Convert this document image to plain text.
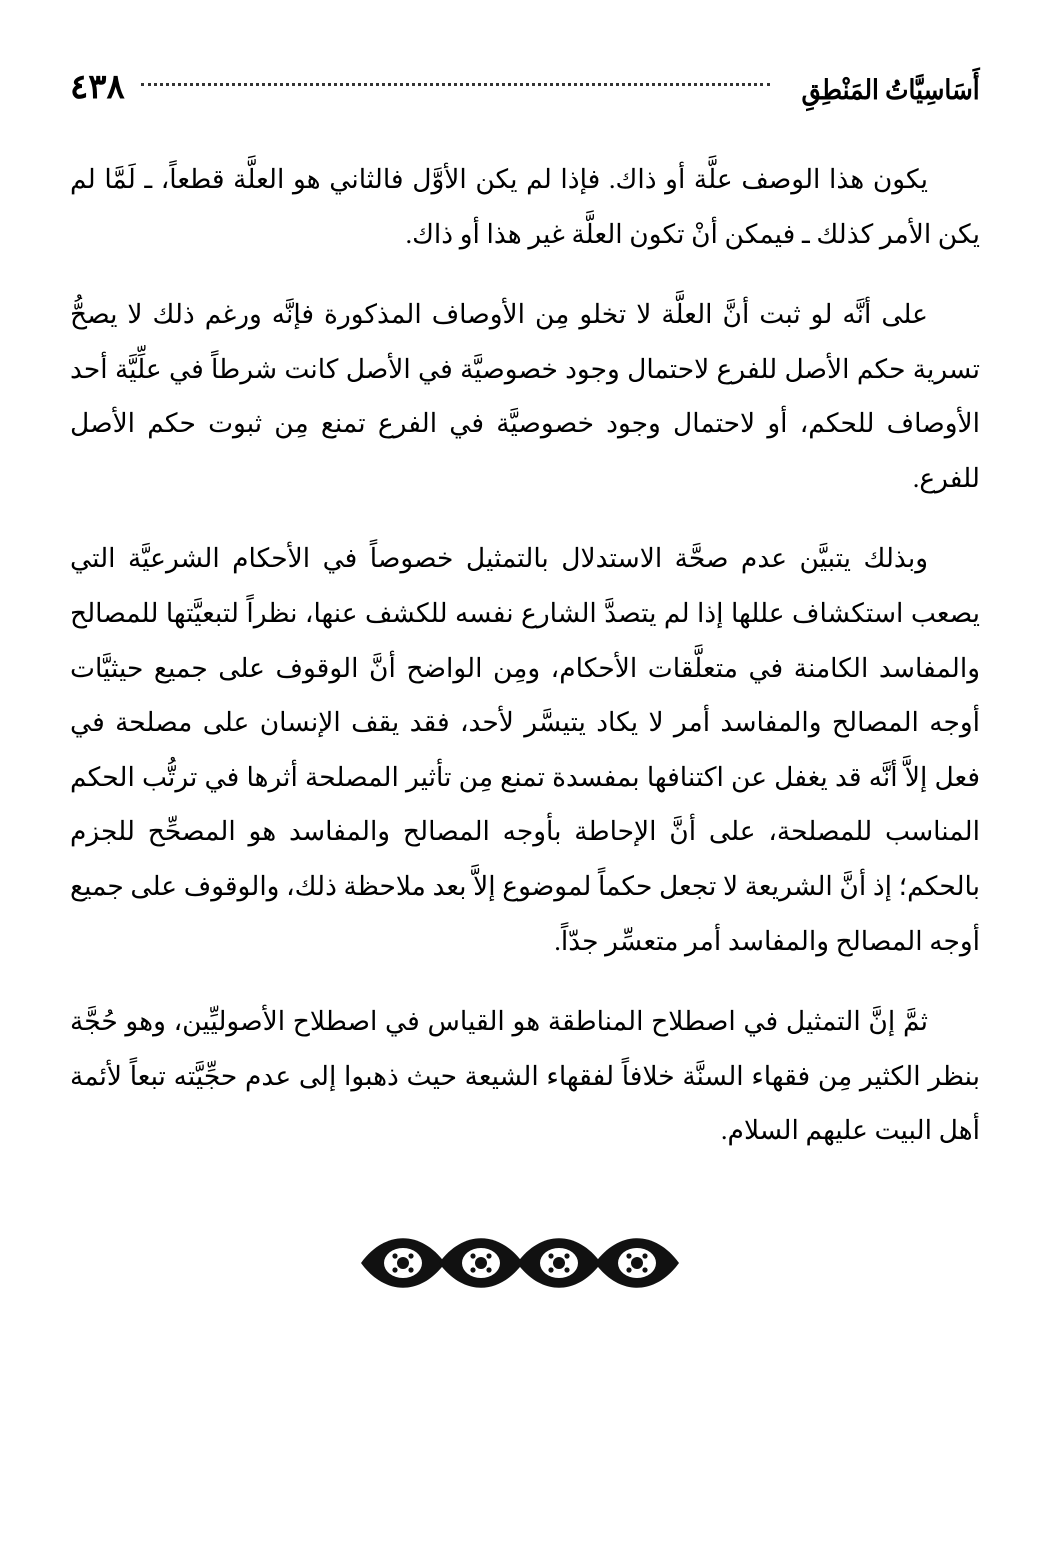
أَسَاسِيَّاتُ المَنْطِقِ
٤٣٨

يكون هذا الوصف علَّة أو ذاك. فإذا لم يكن الأوَّل فالثاني هو العلَّة قطعاً، ـ لَمَّا لم يكن الأمر كذلك ـ فيمكن أنْ تكون العلَّة غير هذا أو ذاك.

على أنَّه لو ثبت أنَّ العلَّة لا تخلو مِن الأوصاف المذكورة فإنَّه ورغم ذلك لا يصحُّ تسرية حكم الأصل للفرع لاحتمال وجود خصوصيَّة في الأصل كانت شرطاً في علِّيَّة أحد الأوصاف للحكم، أو لاحتمال وجود خصوصيَّة في الفرع تمنع مِن ثبوت حكم الأصل للفرع.

وبذلك يتبيَّن عدم صحَّة الاستدلال بالتمثيل خصوصاً في الأحكام الشرعيَّة التي يصعب استكشاف عللها إذا لم يتصدَّ الشارع نفسه للكشف عنها، نظراً لتبعيَّتها للمصالح والمفاسد الكامنة في متعلَّقات الأحكام، ومِن الواضح أنَّ الوقوف على جميع حيثيَّات أوجه المصالح والمفاسد أمر لا يكاد يتيسَّر لأحد، فقد يقف الإنسان على مصلحة في فعل إلاَّ أنَّه قد يغفل عن اكتنافها بمفسدة تمنع مِن تأثير المصلحة أثرها في ترتُّب الحكم المناسب للمصلحة، على أنَّ الإحاطة بأوجه المصالح والمفاسد هو المصحِّح للجزم بالحكم؛ إذ أنَّ الشريعة لا تجعل حكماً لموضوع إلاَّ بعد ملاحظة ذلك، والوقوف على جميع أوجه المصالح والمفاسد أمر متعسِّر جدّاً.

ثمَّ إنَّ التمثيل في اصطلاح المناطقة هو القياس في اصطلاح الأصوليِّين، وهو حُجَّة بنظر الكثير مِن فقهاء السنَّة خلافاً لفقهاء الشيعة حيث ذهبوا إلى عدم حجِّيَّته تبعاً لأئمة أهل البيت عليهم السلام.
